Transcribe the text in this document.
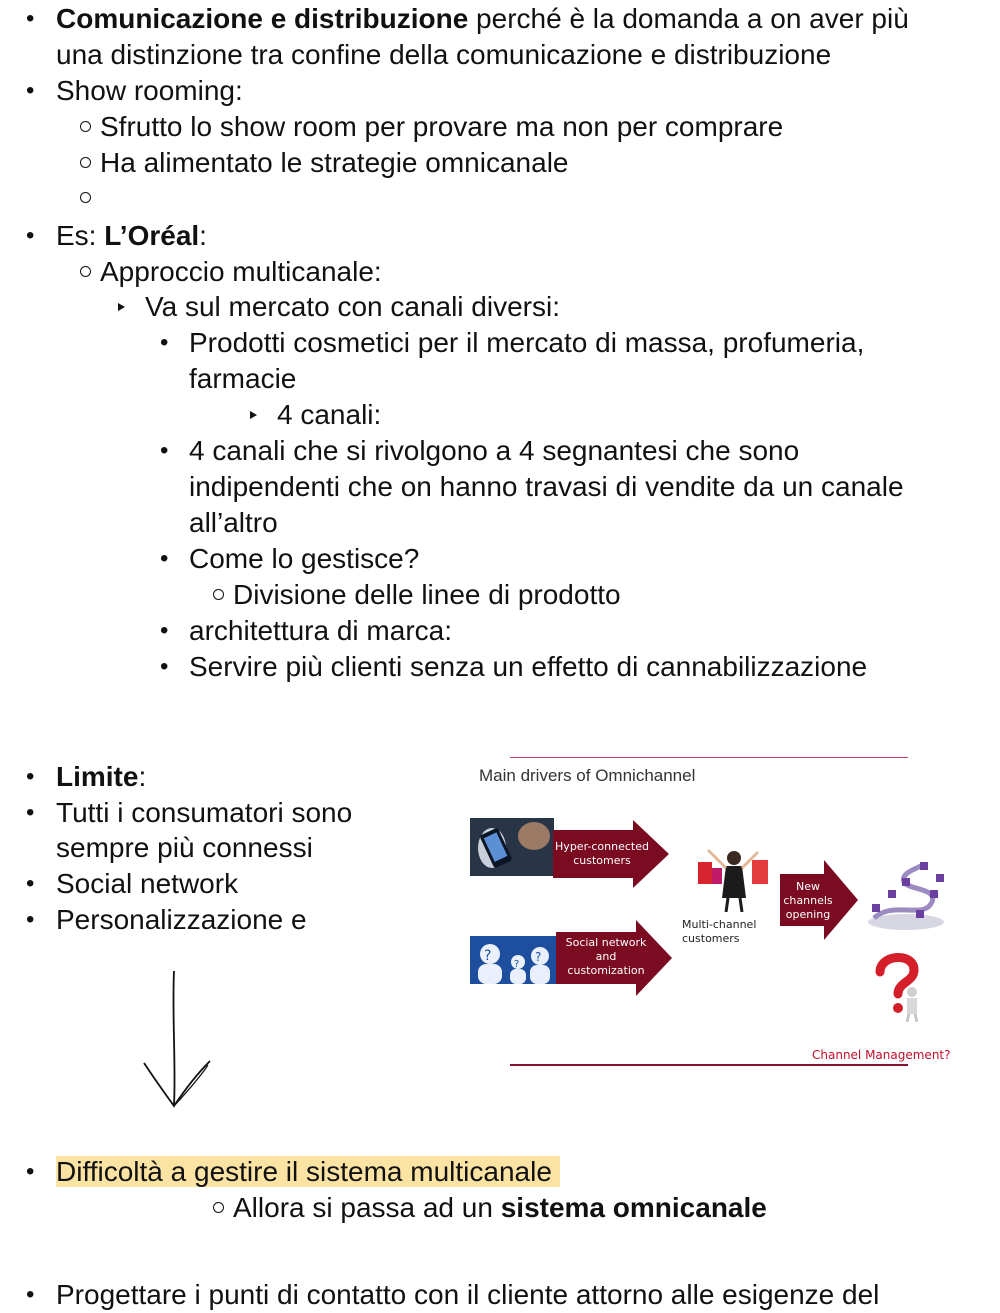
• Comunicazione e distribuzione perché è la domanda a on aver più
una distinzione tra confine della comunicazione e distribuzione
• Show rooming:
Sfrutto lo show room per provare ma non per comprare
Ha alimentato le strategie omnicanale
• Es: L’Oréal:
Approccio multicanale:
Va sul mercato con canali diversi:
• Prodotti cosmetici per il mercato di massa, profumeria,
farmacie
4 canali:
• 4 canali che si rivolgono a 4 segnantesi che sono
indipendenti che on hanno travasi di vendite da un canale
all’altro
• Come lo gestisce?
Divisione delle linee di prodotto
• architettura di marca:
• Servire più clienti senza un effetto di cannabilizzazione
• Limite:
• Tutti i consumatori sono
sempre più connessi
• Social network
• Personalizzazione e
Main drivers of Omnichannel
Hyper-connected customers
?
?
?
Social network and customization
New channels opening
Multi-channel customers
Channel Management?
• Difficoltà a gestire il sistema multicanale
Allora si passa ad un sistema omnicanale
• Progettare i punti di contatto con il cliente attorno alle esigenze del
